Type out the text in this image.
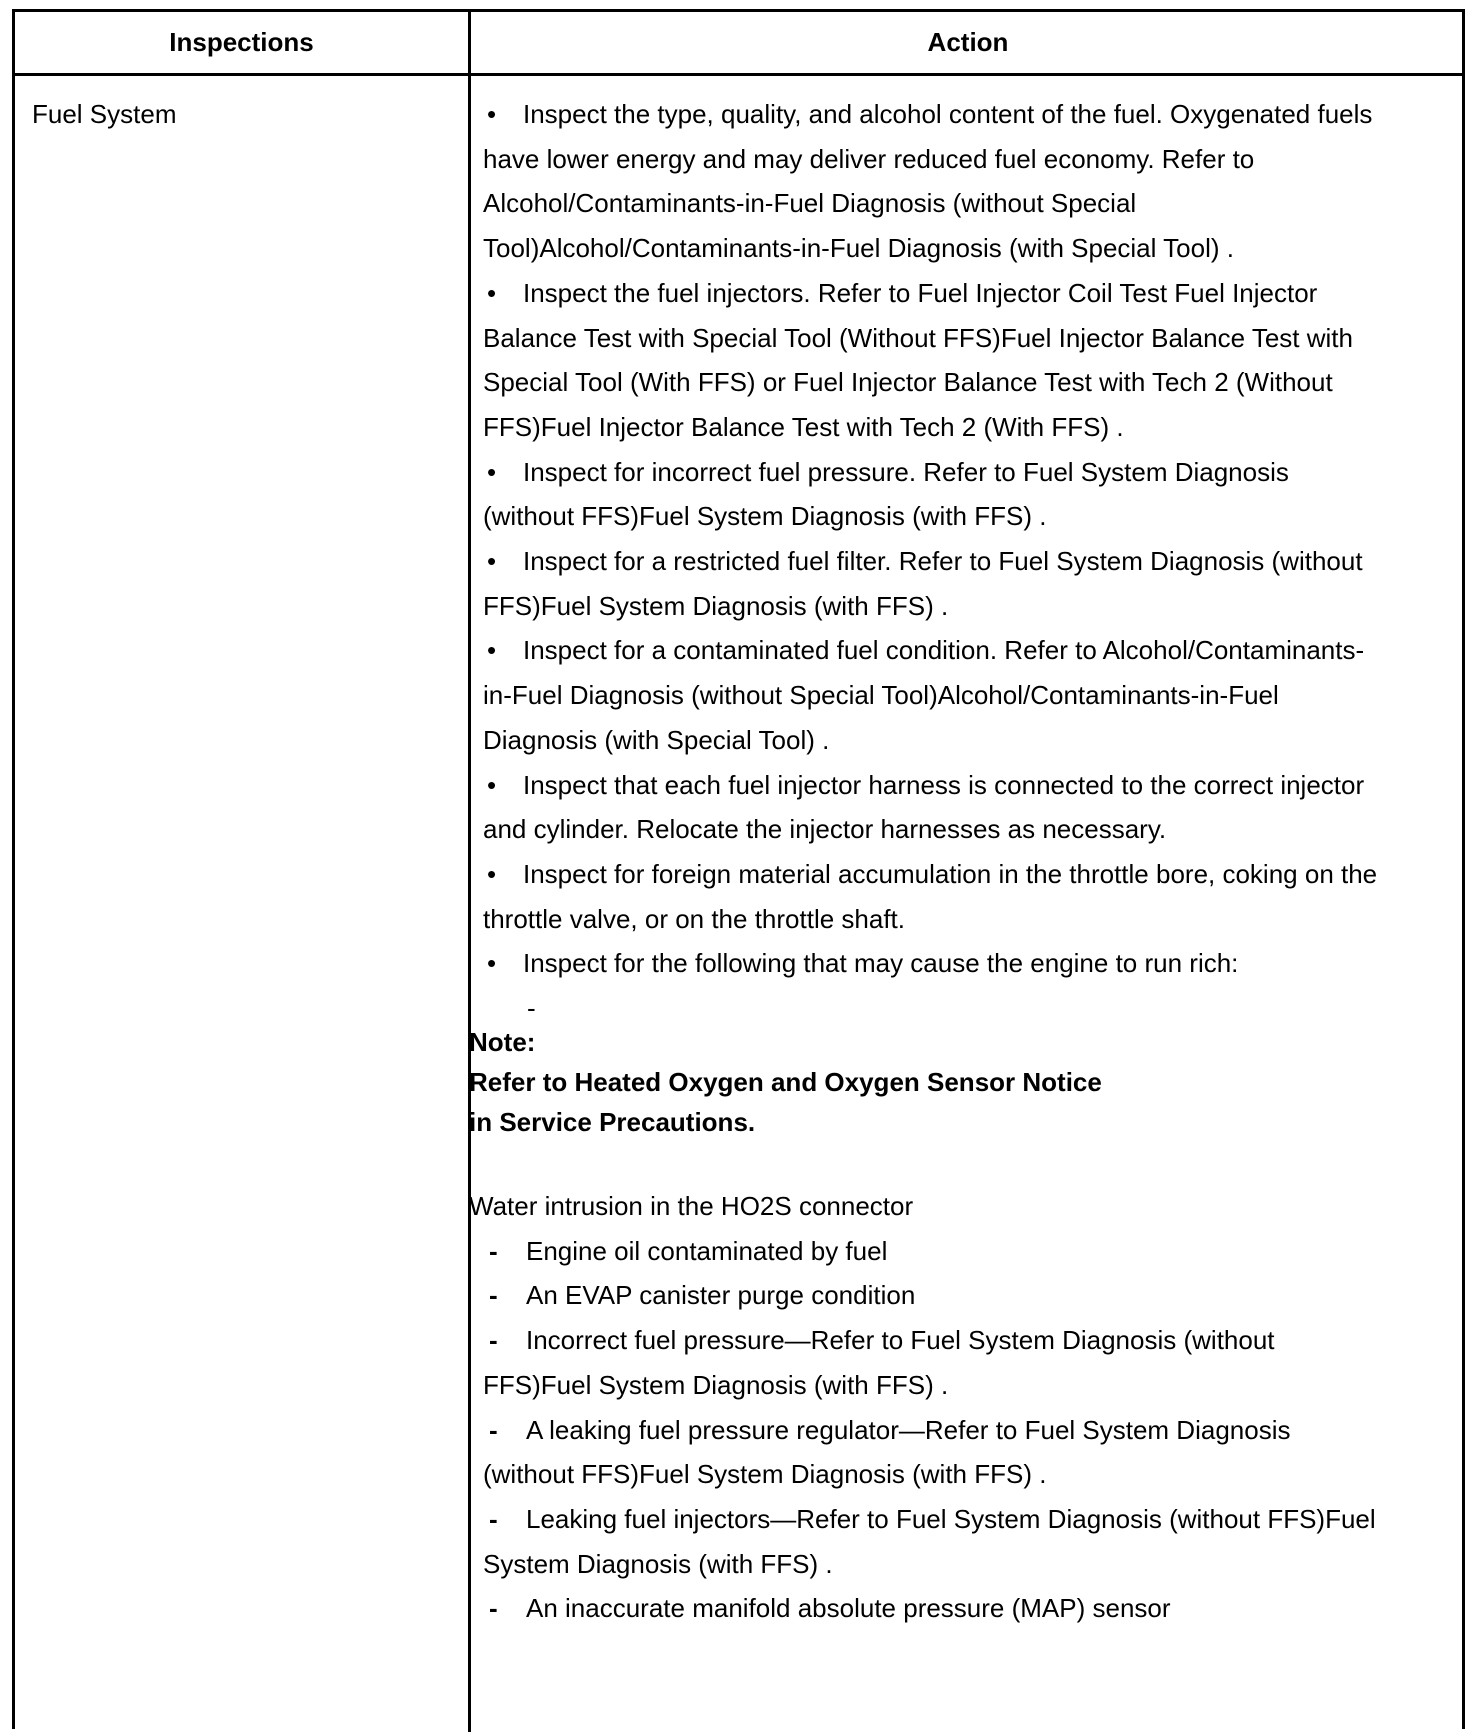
Inspections	Action
Fuel System	• Inspect the type, quality, and alcohol content of the fuel. Oxygenated fuels have lower energy and may deliver reduced fuel economy. Refer to Alcohol/Contaminants-in-Fuel Diagnosis (without Special Tool)Alcohol/Contaminants-in-Fuel Diagnosis (with Special Tool) .
• Inspect the fuel injectors. Refer to Fuel Injector Coil Test Fuel Injector Balance Test with Special Tool (Without FFS)Fuel Injector Balance Test with Special Tool (With FFS) or Fuel Injector Balance Test with Tech 2 (Without FFS)Fuel Injector Balance Test with Tech 2 (With FFS) .
• Inspect for incorrect fuel pressure. Refer to Fuel System Diagnosis (without FFS)Fuel System Diagnosis (with FFS) .
• Inspect for a restricted fuel filter. Refer to Fuel System Diagnosis (without FFS)Fuel System Diagnosis (with FFS) .
• Inspect for a contaminated fuel condition. Refer to Alcohol/Contaminants-in-Fuel Diagnosis (without Special Tool)Alcohol/Contaminants-in-Fuel Diagnosis (with Special Tool) .
• Inspect that each fuel injector harness is connected to the correct injector and cylinder. Relocate the injector harnesses as necessary.
• Inspect for foreign material accumulation in the throttle bore, coking on the throttle valve, or on the throttle shaft.
• Inspect for the following that may cause the engine to run rich:
-
Note:
Refer to Heated Oxygen and Oxygen Sensor Notice
in Service Precautions.
Water intrusion in the HO2S connector
- Engine oil contaminated by fuel
- An EVAP canister purge condition
- Incorrect fuel pressure—Refer to Fuel System Diagnosis (without FFS)Fuel System Diagnosis (with FFS) .
- A leaking fuel pressure regulator—Refer to Fuel System Diagnosis (without FFS)Fuel System Diagnosis (with FFS) .
- Leaking fuel injectors—Refer to Fuel System Diagnosis (without FFS)Fuel System Diagnosis (with FFS) .
- An inaccurate manifold absolute pressure (MAP) sensor
